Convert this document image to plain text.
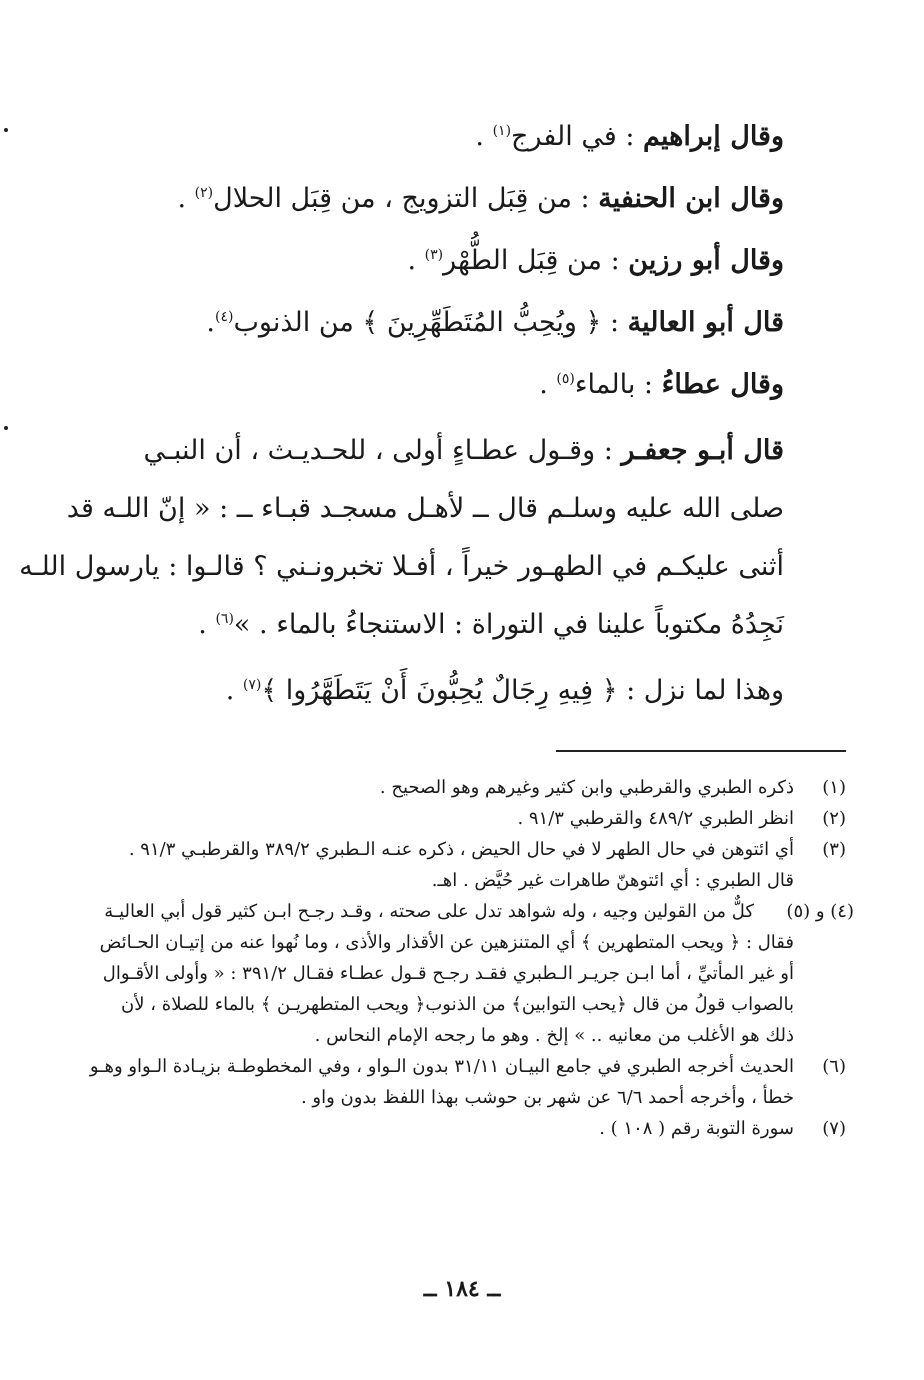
وقال إبراهيم : في الفرج$^{(١)}$ .
وقال ابن الحنفية : من قِبَل التزويج ، من قِبَل الحلال$^{(٢)}$ .
وقال أبو رزين : من قِبَل الطُّهْر$^{(٣)}$ .
قال أبو العالية : ﴿ ويُحِبُّ المُتَطَهِّرِينَ ﴾ من الذنوب$^{(٤)}$.
وقال عطاءُ : بالماء$^{(٥)}$ .
قال أبـو جعفـر : وقـول عطـاءٍ أولى ، للحـديـث ، أن النبـي
صلى الله عليه وسلـم قال ــ لأهـل مسجـد قبـاء ــ : « إنّ اللـه قد
أثنى عليكـم في الطهـور خيراً ، أفـلا تخبرونـني ؟ قالـوا : يارسول اللـه
نَجِدُهُ مكتوباً علينا في التوراة : الاستنجاءُ بالماء . »$^{(٦)}$ .
وهذا لما نزل : ﴿ فِيهِ رِجَالٌ يُحِبُّونَ أَنْ يَتَطَهَّرُوا ﴾$^{(٧)}$ .
(١)
ذكره الطبري والقرطبي وابن كثير وغيرهم وهو الصحيح .
(٢)
انظر الطبري ٤٨٩/٢ والقرطبي ٩١/٣ .
(٣)
أي ائتوهن في حال الطهر لا في حال الحيض ، ذكره عنـه الـطبري ٣٨٩/٢ والقرطبـي ٩١/٣ .
قال الطبري : أي ائتوهنّ طاهرات غير حُيَّض . اهـ.
(٤) و (٥)
كلٌّ من القولين وجيه ، وله شواهد تدل على صحته ، وقـد رجـح ابـن كثير قول أبي العاليـة
فقال : ﴿ ويحب المتطهرين ﴾ أي المتنزهين عن الأقذار والأذى ، وما نُهوا عنه من إتيـان الحـائض
أو غير المأتيِّ ، أما ابـن جريـر الـطبري فقـد رجـح قـول عطـاء فقـال ٣٩١/٢ : « وأولى الأقـوال
بالصواب قولُ من قال ﴿يحب التوابين﴾ من الذنوب﴿ ويحب المتطهريـن ﴾ بالماء للصلاة ، لأن
ذلك هو الأغلب من معانيه .. » إلخ . وهو ما رجحه الإمام النحاس .
(٦)
الحديث أخرجه الطبري في جامع البيـان ٣١/١١ بدون الـواو ، وفي المخطوطـة بزيـادة الـواو وهـو
خطأ ، وأخرجه أحمد ٦/٦ عن شهر بن حوشب بهذا اللفظ بدون واو .
(٧)
سورة التوبة رقم ( ١٠٨ ) .
ــ ١٨٤ ــ
